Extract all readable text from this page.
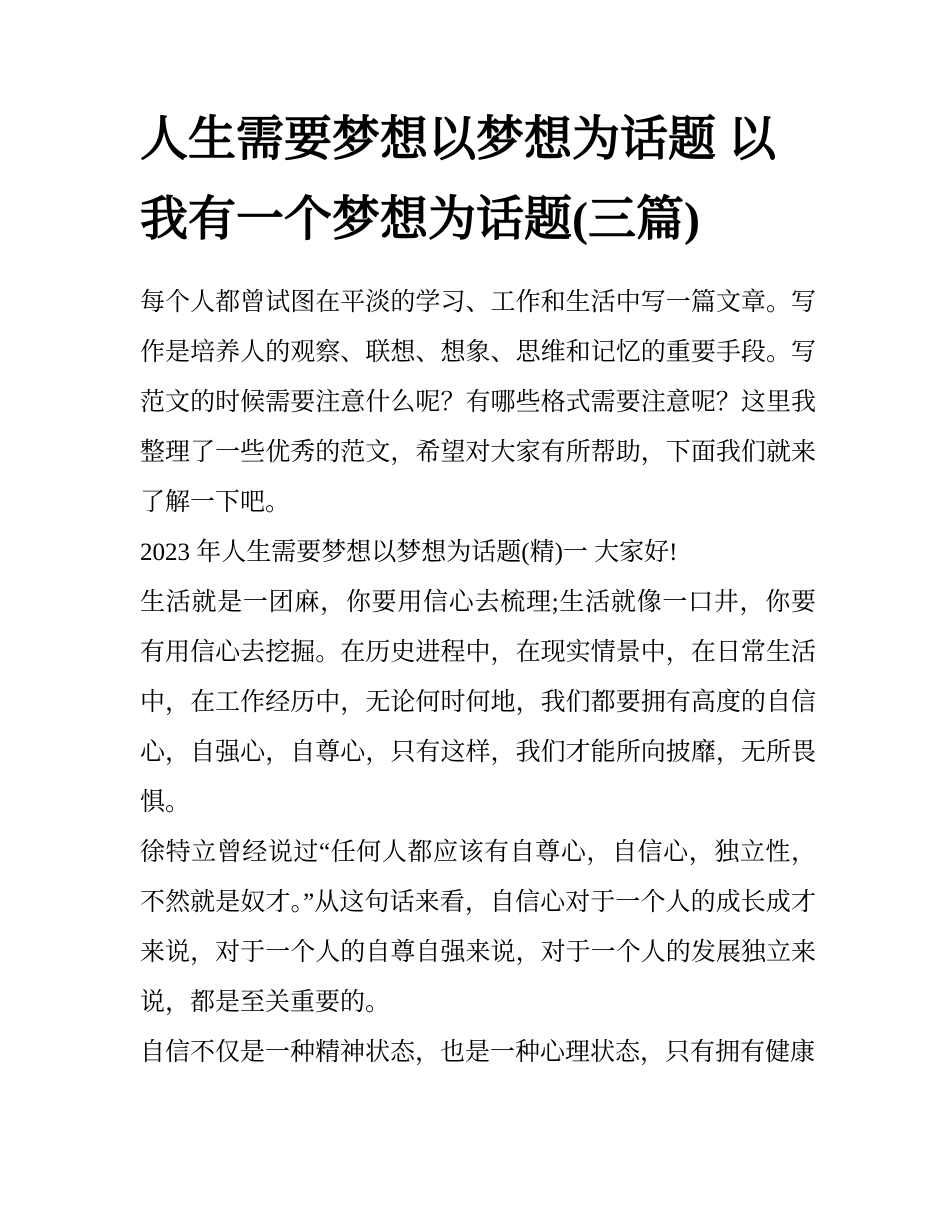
人生需要梦想以梦想为话题 以我有一个梦想为话题(三篇)

每个人都曾试图在平淡的学习、工作和生活中写一篇文章。写作是培养人的观察、联想、想象、思维和记忆的重要手段。写范文的时候需要注意什么呢？有哪些格式需要注意呢？这里我整理了一些优秀的范文，希望对大家有所帮助，下面我们就来了解一下吧。

2023 年人生需要梦想以梦想为话题(精)一 大家好!

生活就是一团麻，你要用信心去梳理;生活就像一口井，你要有用信心去挖掘。在历史进程中，在现实情景中，在日常生活中，在工作经历中，无论何时何地，我们都要拥有高度的自信心，自强心，自尊心，只有这样，我们才能所向披靡，无所畏惧。

徐特立曾经说过“任何人都应该有自尊心，自信心，独立性，不然就是奴才。”从这句话来看，自信心对于一个人的成长成才来说，对于一个人的自尊自强来说，对于一个人的发展独立来说，都是至关重要的。

自信不仅是一种精神状态，也是一种心理状态，只有拥有健康
